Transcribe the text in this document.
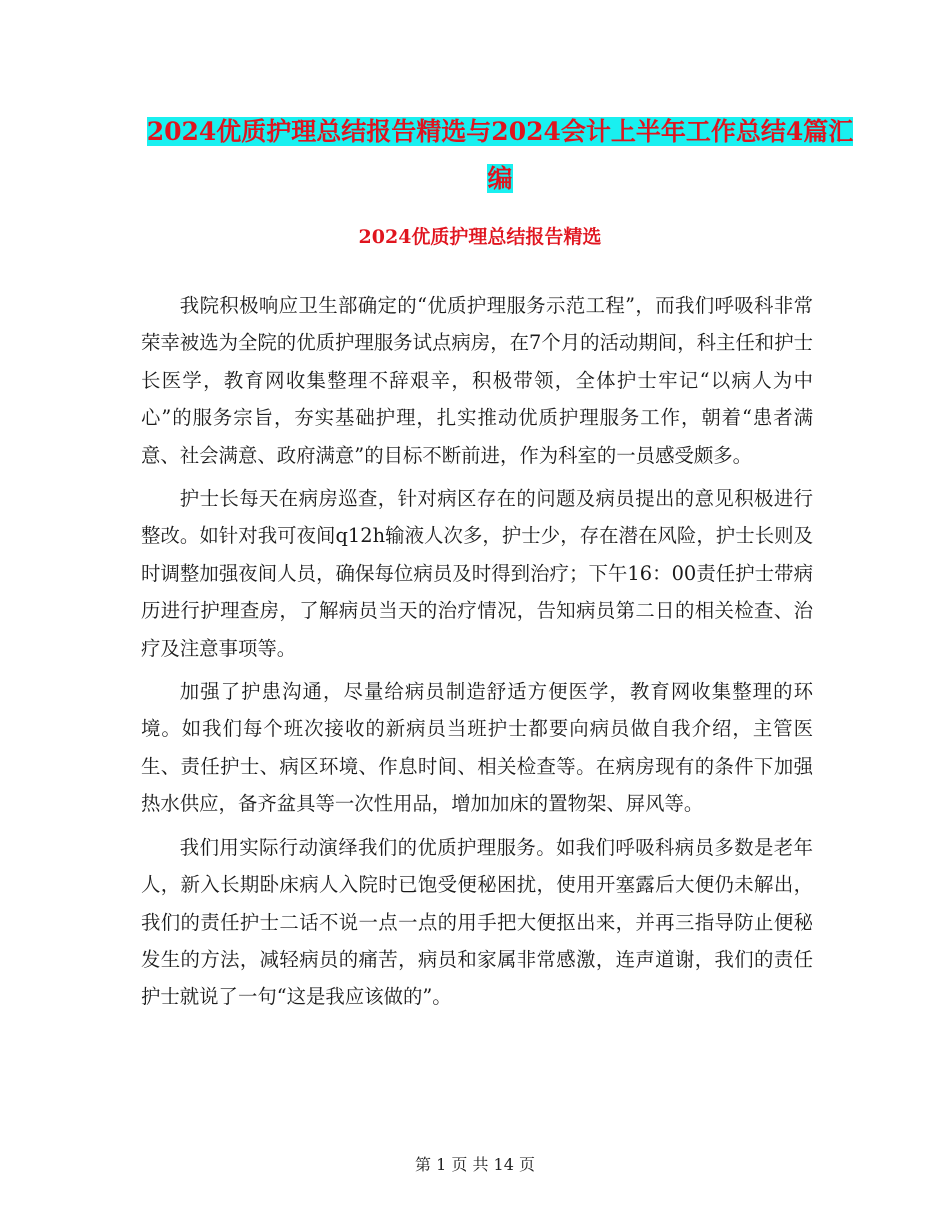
2024优质护理总结报告精选与2024会计上半年工作总结4篇汇编
2024优质护理总结报告精选

我院积极响应卫生部确定的“优质护理服务示范工程”，而我们呼吸科非常荣幸被选为全院的优质护理服务试点病房，在7个月的活动期间，科主任和护士长医学，教育网收集整理不辞艰辛，积极带领，全体护士牢记“以病人为中心”的服务宗旨，夯实基础护理，扎实推动优质护理服务工作，朝着“患者满意、社会满意、政府满意”的目标不断前进，作为科室的一员感受颇多。

护士长每天在病房巡查，针对病区存在的问题及病员提出的意见积极进行整改。如针对我可夜间q12h输液人次多，护士少，存在潜在风险，护士长则及时调整加强夜间人员，确保每位病员及时得到治疗；下午16：00责任护士带病历进行护理查房，了解病员当天的治疗情况，告知病员第二日的相关检查、治疗及注意事项等。

加强了护患沟通，尽量给病员制造舒适方便医学，教育网收集整理的环境。如我们每个班次接收的新病员当班护士都要向病员做自我介绍，主管医生、责任护士、病区环境、作息时间、相关检查等。在病房现有的条件下加强热水供应，备齐盆具等一次性用品，增加加床的置物架、屏风等。

我们用实际行动演绎我们的优质护理服务。如我们呼吸科病员多数是老年人，新入长期卧床病人入院时已饱受便秘困扰，使用开塞露后大便仍未解出，我们的责任护士二话不说一点一点的用手把大便抠出来，并再三指导防止便秘发生的方法，减轻病员的痛苦，病员和家属非常感激，连声道谢，我们的责任护士就说了一句“这是我应该做的”。

第 1 页 共 14 页
